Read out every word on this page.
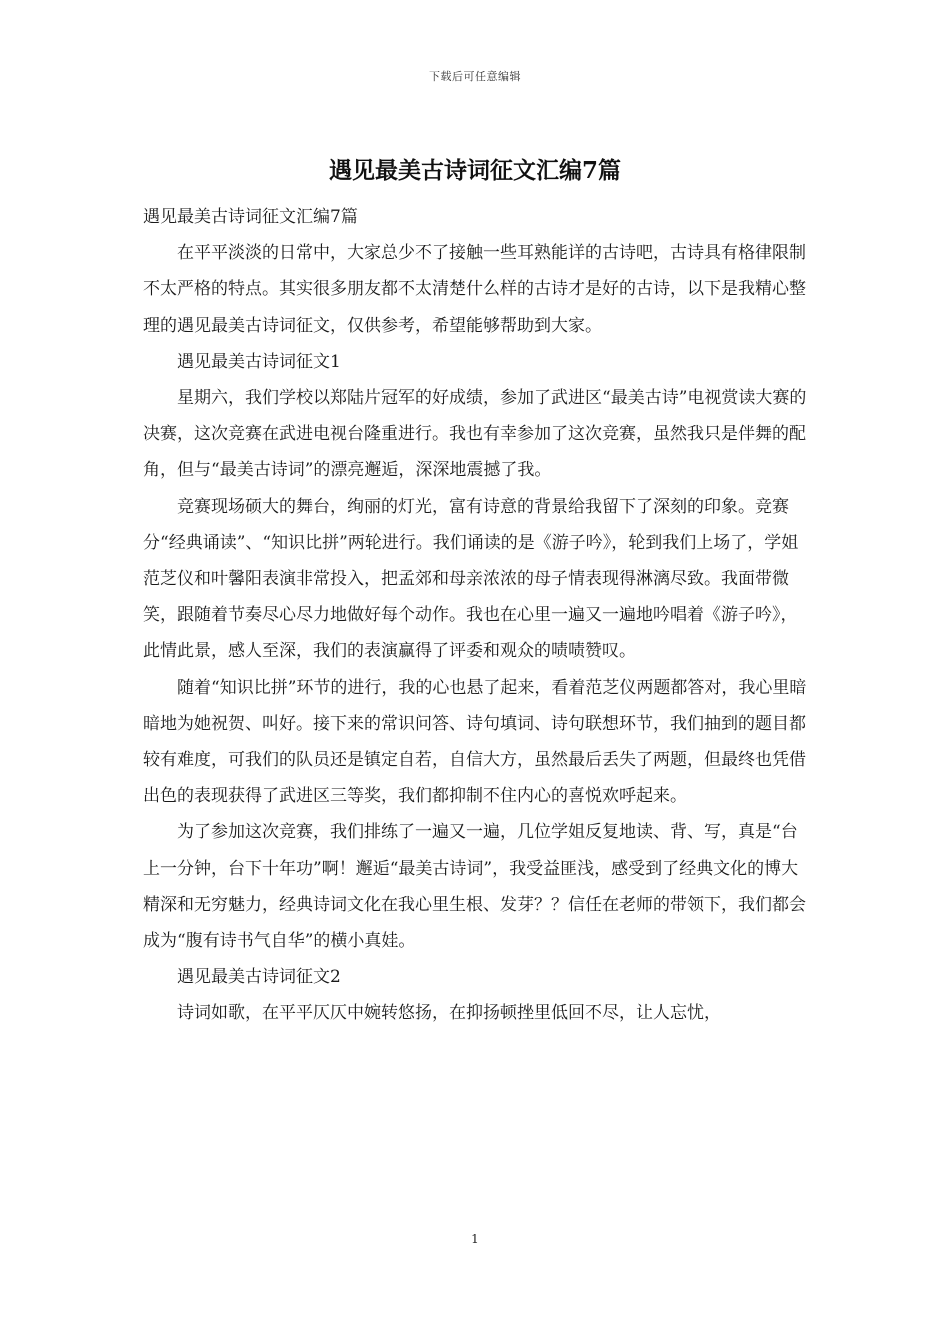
下载后可任意编辑
遇见最美古诗词征文汇编7篇

遇见最美古诗词征文汇编7篇

在平平淡淡的日常中，大家总少不了接触一些耳熟能详的古诗吧，古诗具有格律限制不太严格的特点。其实很多朋友都不太清楚什么样的古诗才是好的古诗，以下是我精心整理的遇见最美古诗词征文，仅供参考，希望能够帮助到大家。

遇见最美古诗词征文1

星期六，我们学校以郑陆片冠军的好成绩，参加了武进区“最美古诗”电视赏读大赛的决赛，这次竞赛在武进电视台隆重进行。我也有幸参加了这次竞赛，虽然我只是伴舞的配角，但与“最美古诗词”的漂亮邂逅，深深地震撼了我。

竞赛现场硕大的舞台，绚丽的灯光，富有诗意的背景给我留下了深刻的印象。竞赛分“经典诵读”、“知识比拼”两轮进行。我们诵读的是《游子吟》，轮到我们上场了，学姐范芝仪和叶馨阳表演非常投入，把孟郊和母亲浓浓的母子情表现得淋漓尽致。我面带微笑，跟随着节奏尽心尽力地做好每个动作。我也在心里一遍又一遍地吟唱着《游子吟》，此情此景，感人至深，我们的表演赢得了评委和观众的啧啧赞叹。

随着“知识比拼”环节的进行，我的心也悬了起来，看着范芝仪两题都答对，我心里暗暗地为她祝贺、叫好。接下来的常识问答、诗句填词、诗句联想环节，我们抽到的题目都较有难度，可我们的队员还是镇定自若，自信大方，虽然最后丢失了两题，但最终也凭借出色的表现获得了武进区三等奖，我们都抑制不住内心的喜悦欢呼起来。

为了参加这次竞赛，我们排练了一遍又一遍，几位学姐反复地读、背、写，真是“台上一分钟，台下十年功”啊！邂逅“最美古诗词”，我受益匪浅，感受到了经典文化的博大精深和无穷魅力，经典诗词文化在我心里生根、发芽？？信任在老师的带领下，我们都会成为“腹有诗书气自华”的横小真娃。

遇见最美古诗词征文2

诗词如歌，在平平仄仄中婉转悠扬，在抑扬顿挫里低回不尽，让人忘忧，

1
